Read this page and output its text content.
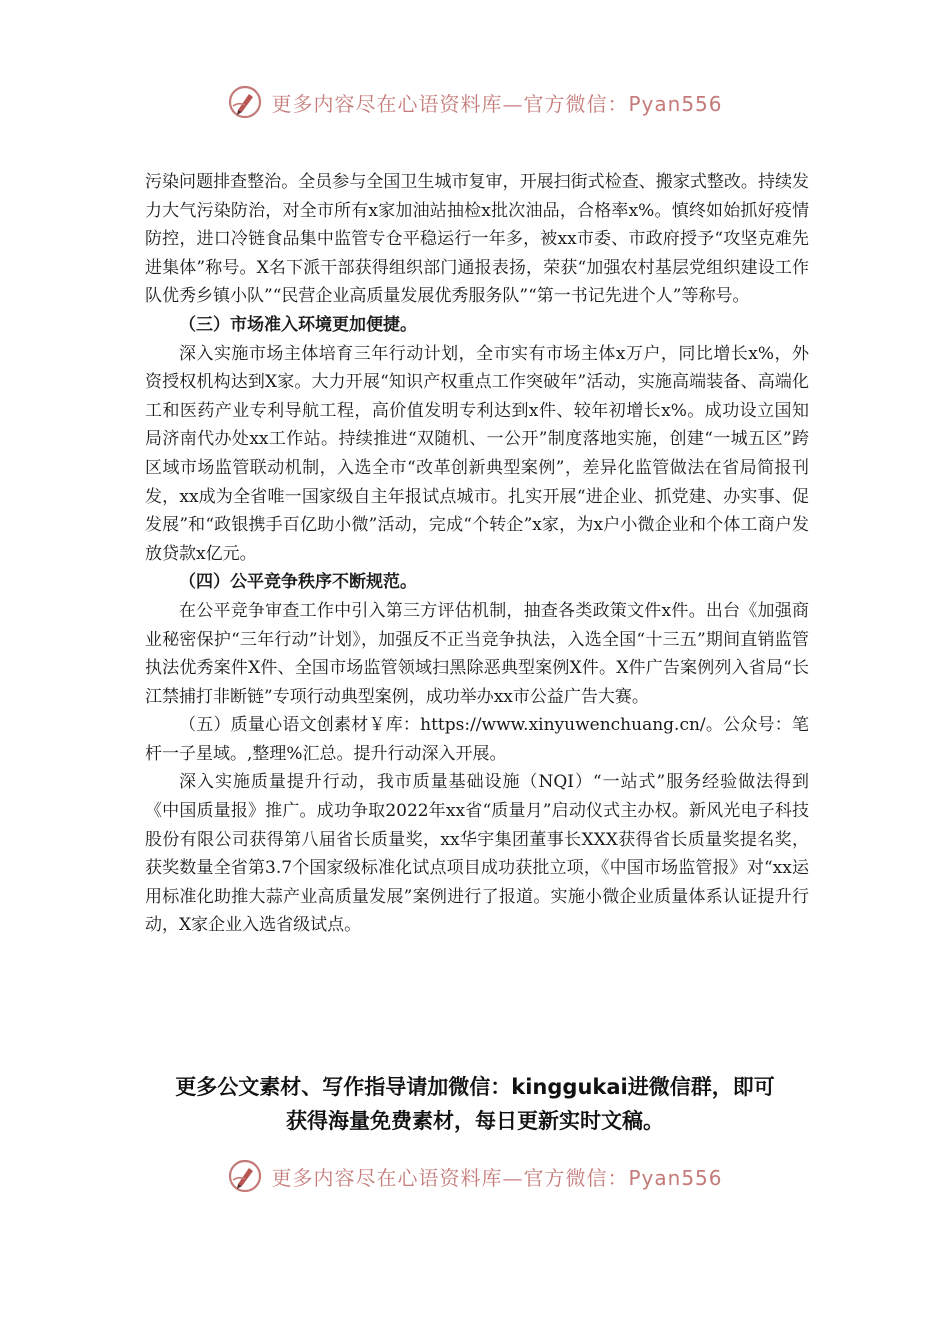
更多内容尽在心语资料库—官方微信：Pyan556

污染问题排查整治。全员参与全国卫生城市复审，开展扫街式检查、搬家式整改。持续发力大气污染防治，对全市所有x家加油站抽检x批次油品，合格率x%。慎终如始抓好疫情防控，进口冷链食品集中监管专仓平稳运行一年多，被xx市委、市政府授予“攻坚克难先进集体”称号。X名下派干部获得组织部门通报表扬，荣获“加强农村基层党组织建设工作队优秀乡镇小队”“民营企业高质量发展优秀服务队”“第一书记先进个人”等称号。

（三）市场准入环境更加便捷。

深入实施市场主体培育三年行动计划，全市实有市场主体x万户，同比增长x%，外资授权机构达到X家。大力开展“知识产权重点工作突破年”活动，实施高端装备、高端化工和医药产业专利导航工程，高价值发明专利达到x件、较年初增长x%。成功设立国知局济南代办处xx工作站。持续推进“双随机、一公开”制度落地实施，创建“一城五区”跨区域市场监管联动机制，入选全市“改革创新典型案例”，差异化监管做法在省局简报刊发，xx成为全省唯一国家级自主年报试点城市。扎实开展“进企业、抓党建、办实事、促发展”和“政银携手百亿助小微”活动，完成“个转企”x家，为x户小微企业和个体工商户发放贷款x亿元。

（四）公平竞争秩序不断规范。

在公平竞争审查工作中引入第三方评估机制，抽查各类政策文件x件。出台《加强商业秘密保护“三年行动”计划》，加强反不正当竞争执法，入选全国“十三五”期间直销监管执法优秀案件X件、全国市场监管领域扫黑除恶典型案例X件。X件广告案例列入省局“长江禁捕打非断链”专项行动典型案例，成功举办xx市公益广告大赛。

（五）质量心语文创素材￥库：https://www.xinyuwenchuang.cn/。公众号：笔杆一子星域。,整理%汇总。提升行动深入开展。

深入实施质量提升行动，我市质量基础设施（NQI）“一站式”服务经验做法得到《中国质量报》推广。成功争取2022年xx省“质量月”启动仪式主办权。新风光电子科技股份有限公司获得第八届省长质量奖，xx华宇集团董事长XXX获得省长质量奖提名奖，获奖数量全省第3.7个国家级标准化试点项目成功获批立项，《中国市场监管报》对“xx运用标准化助推大蒜产业高质量发展”案例进行了报道。实施小微企业质量体系认证提升行动，X家企业入选省级试点。

更多公文素材、写作指导请加微信：kinggukai进微信群，即可
获得海量免费素材，每日更新实时文稿。
更多内容尽在心语资料库—官方微信：Pyan556
